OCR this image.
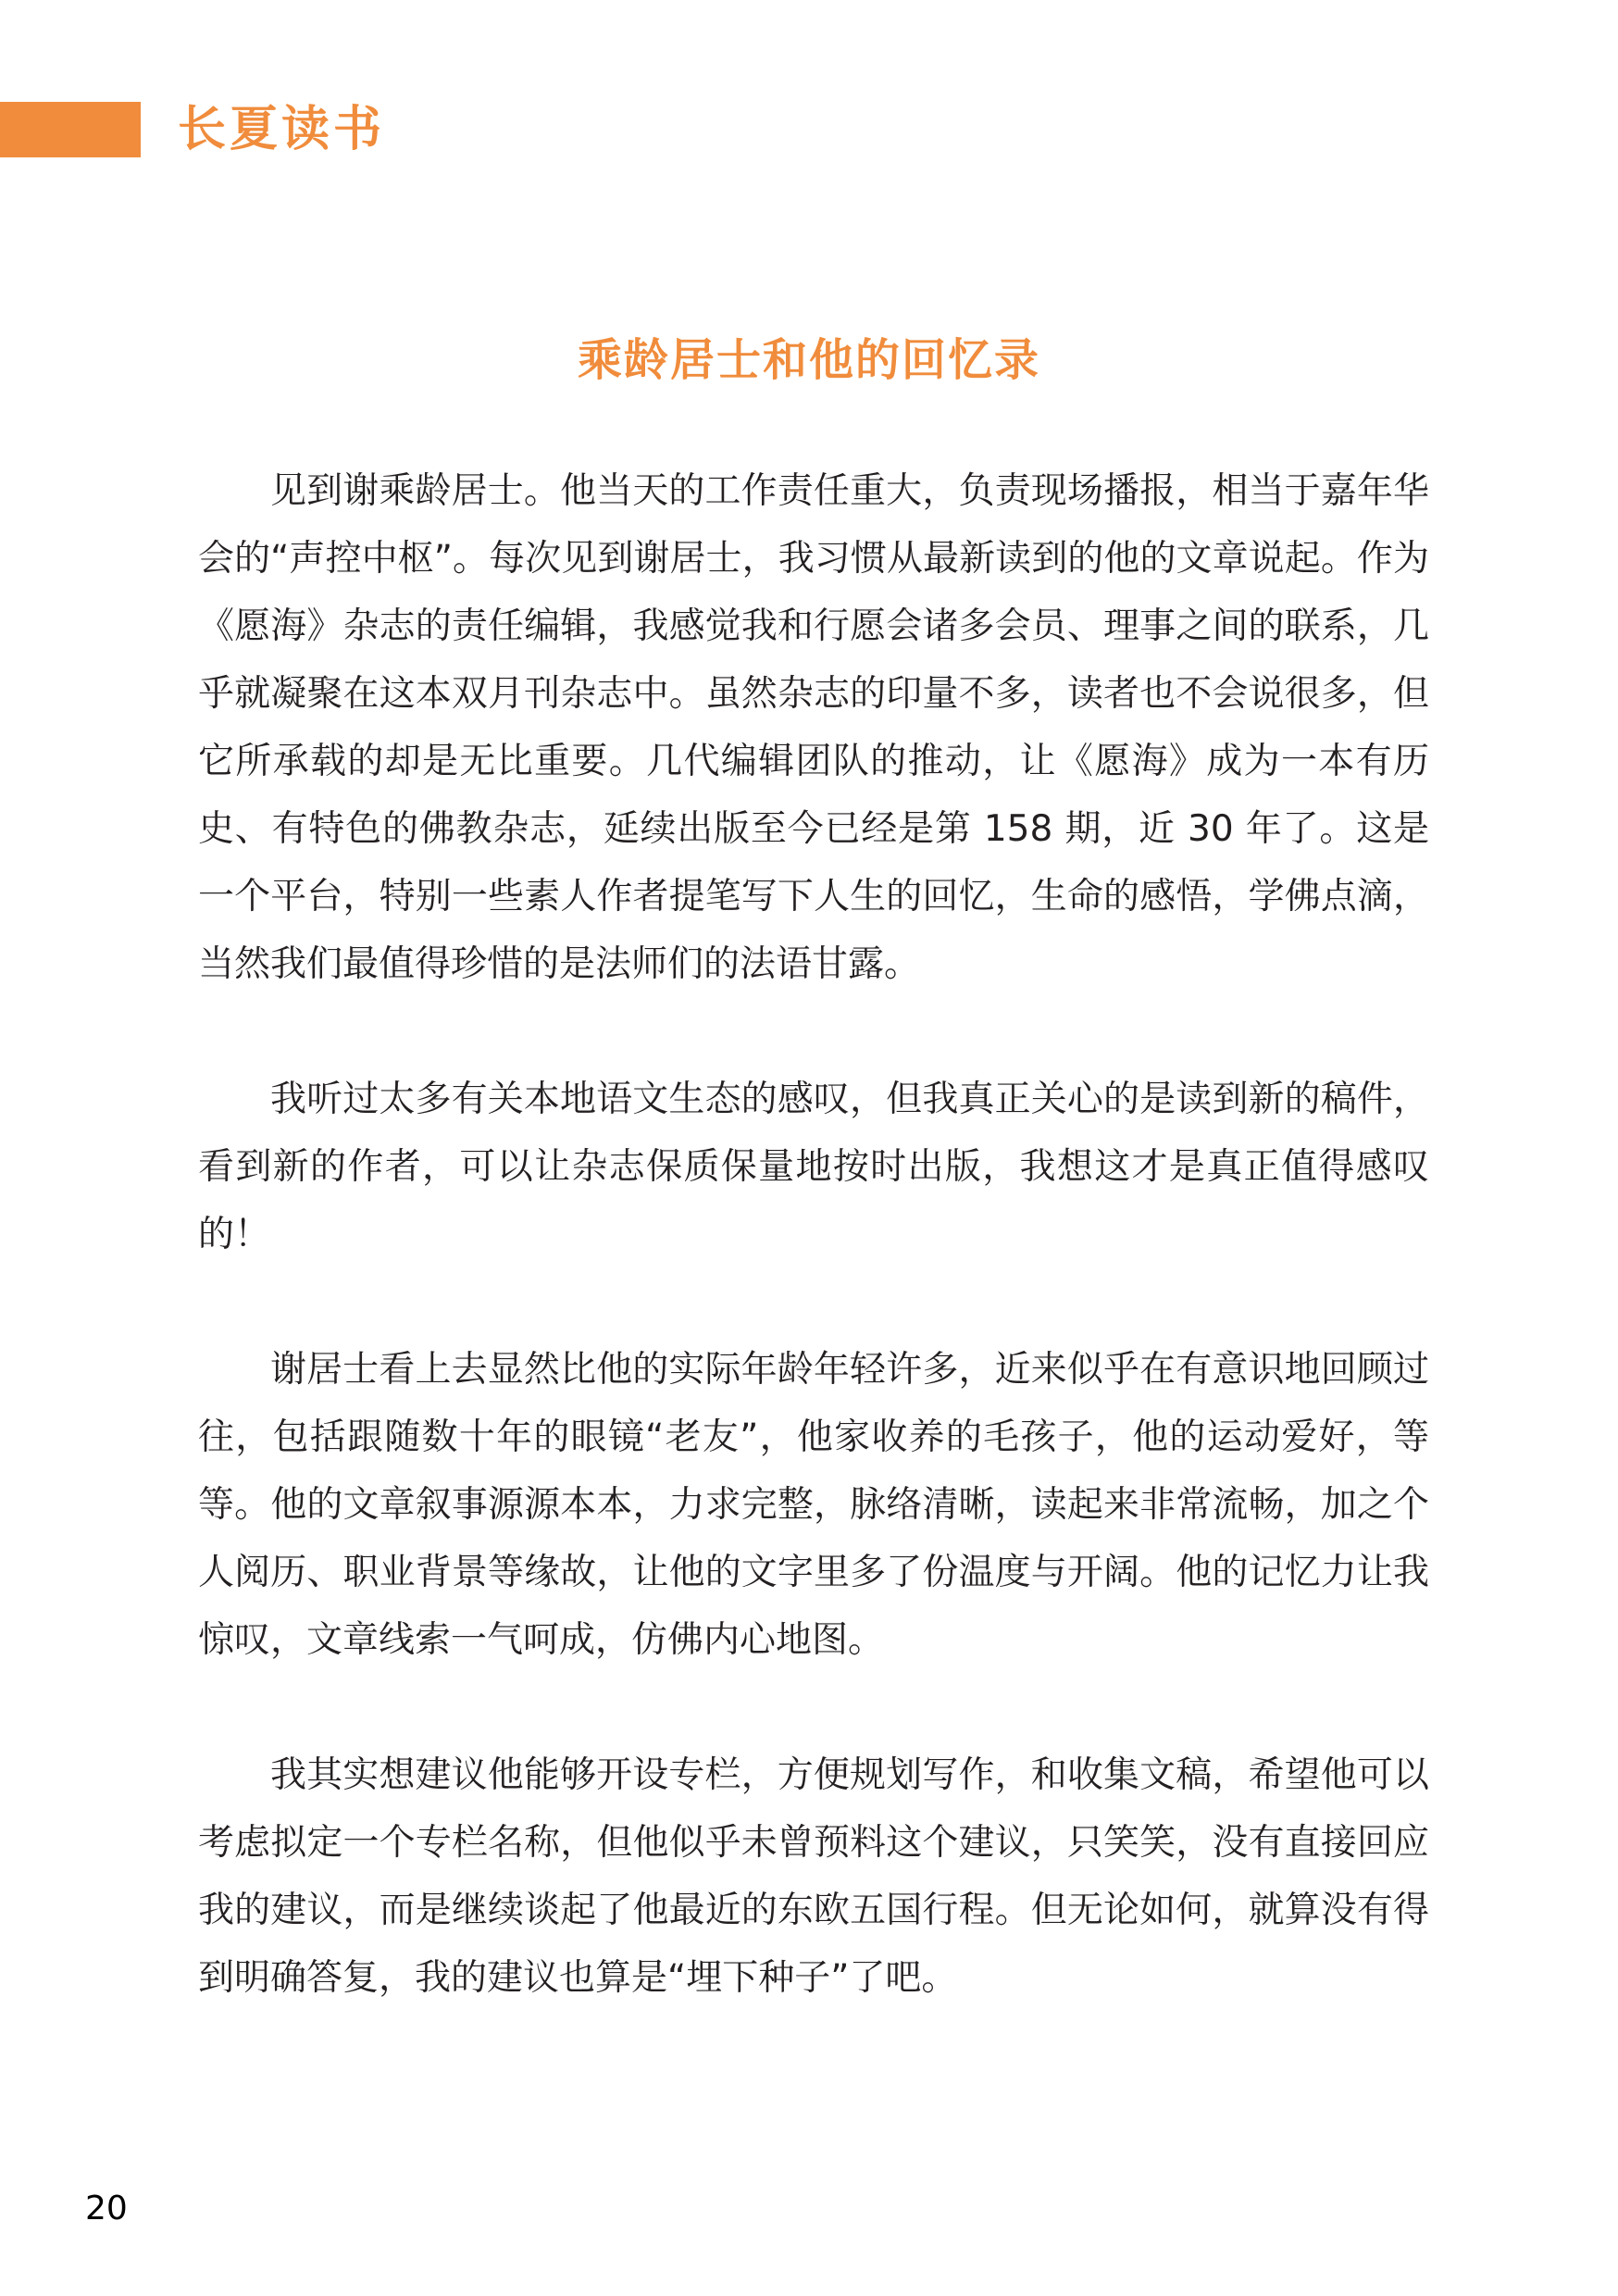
长夏读书
乘龄居士和他的回忆录

见到谢乘龄居士。他当天的工作责任重大，负责现场播报，相当于嘉年华会的“声控中枢”。每次见到谢居士，我习惯从最新读到的他的文章说起。作为《愿海》杂志的责任编辑，我感觉我和行愿会诸多会员、理事之间的联系，几乎就凝聚在这本双月刊杂志中。虽然杂志的印量不多，读者也不会说很多，但它所承载的却是无比重要。几代编辑团队的推动，让《愿海》成为一本有历史、有特色的佛教杂志，延续出版至今已经是第 158 期，近 30 年了。这是一个平台，特别一些素人作者提笔写下人生的回忆，生命的感悟，学佛点滴，当然我们最值得珍惜的是法师们的法语甘露。

我听过太多有关本地语文生态的感叹，但我真正关心的是读到新的稿件，看到新的作者，可以让杂志保质保量地按时出版，我想这才是真正值得感叹的！

谢居士看上去显然比他的实际年龄年轻许多，近来似乎在有意识地回顾过往，包括跟随数十年的眼镜“老友”，他家收养的毛孩子，他的运动爱好，等等。他的文章叙事源源本本，力求完整，脉络清晰，读起来非常流畅，加之个人阅历、职业背景等缘故，让他的文字里多了份温度与开阔。他的记忆力让我惊叹，文章线索一气呵成，仿佛内心地图。

我其实想建议他能够开设专栏，方便规划写作，和收集文稿，希望他可以考虑拟定一个专栏名称，但他似乎未曾预料这个建议，只笑笑，没有直接回应我的建议，而是继续谈起了他最近的东欧五国行程。但无论如何，就算没有得到明确答复，我的建议也算是“埋下种子”了吧。

20
